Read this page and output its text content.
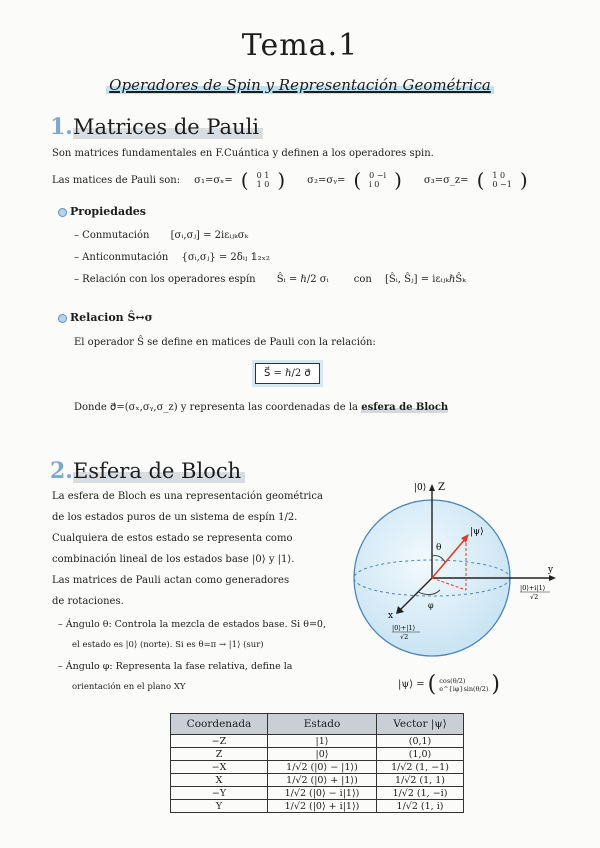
Tema.1
Operadores de Spin y Representación Geométrica
1.Matrices de Pauli
Son matrices fundamentales en F.Cuántica y definen a los operadores spin.
Las matices de Pauli son: σ₁=σₓ= ( 0 1
1 0 ) σ₂=σᵧ= ( 0 −i
i 0 ) σ₃=σ_z= ( 1 0
0 −1 )
Propiedades
– Conmutación [σᵢ,σⱼ] = 2iεᵢⱼₖσₖ
– Anticonmutación {σᵢ,σⱼ} = 2δᵢⱼ 𝟙₂ₓ₂
– Relación con los operadores espín Ŝᵢ = ℏ/2 σᵢ	con [Ŝᵢ, Ŝⱼ] = iεᵢⱼₖℏŜₖ
Relacion Ŝ↔σ
El operador Ŝ se define en matices de Pauli con la relación:
S⃗ = ℏ/2 σ⃗
Donde σ⃗=(σₓ,σᵧ,σ_z) y representa las coordenadas de la esfera de Bloch
2.Esfera de Bloch
La esfera de Bloch es una representación geométrica
de los estados puros de un sistema de espín 1/2.
Cualquiera de estos estado se representa como
combinación lineal de los estados base |0⟩ y |1⟩.
Las matrices de Pauli actan como generadores
de rotaciones.
– Ángulo θ: Controla la mezcla de estados base. Si θ=0,
el estado es |0⟩ (norte). Si es θ=π → |1⟩ (sur)
– Ángulo φ: Representa la fase relativa, define la
orientación en el plano XY
|0⟩ Z
|ψ⟩
θ
φ
x
|0⟩+|1⟩
√2
y
|0⟩+i|1⟩
√2
|ψ⟩ = ( cos(θ/2)
e^{iφ}sin(θ/2) )
Coordenada	Estado	Vector |ψ⟩
−Z	|1⟩	(0,1)
Z	|0⟩	(1,0)
−X	1/√2 (|0⟩ − |1⟩)	1/√2 (1, −1)
X	1/√2 (|0⟩ + |1⟩)	1/√2 (1, 1)
−Y	1/√2 (|0⟩ − i|1⟩)	1/√2 (1, −i)
Y	1/√2 (|0⟩ + i|1⟩)	1/√2 (1, i)
